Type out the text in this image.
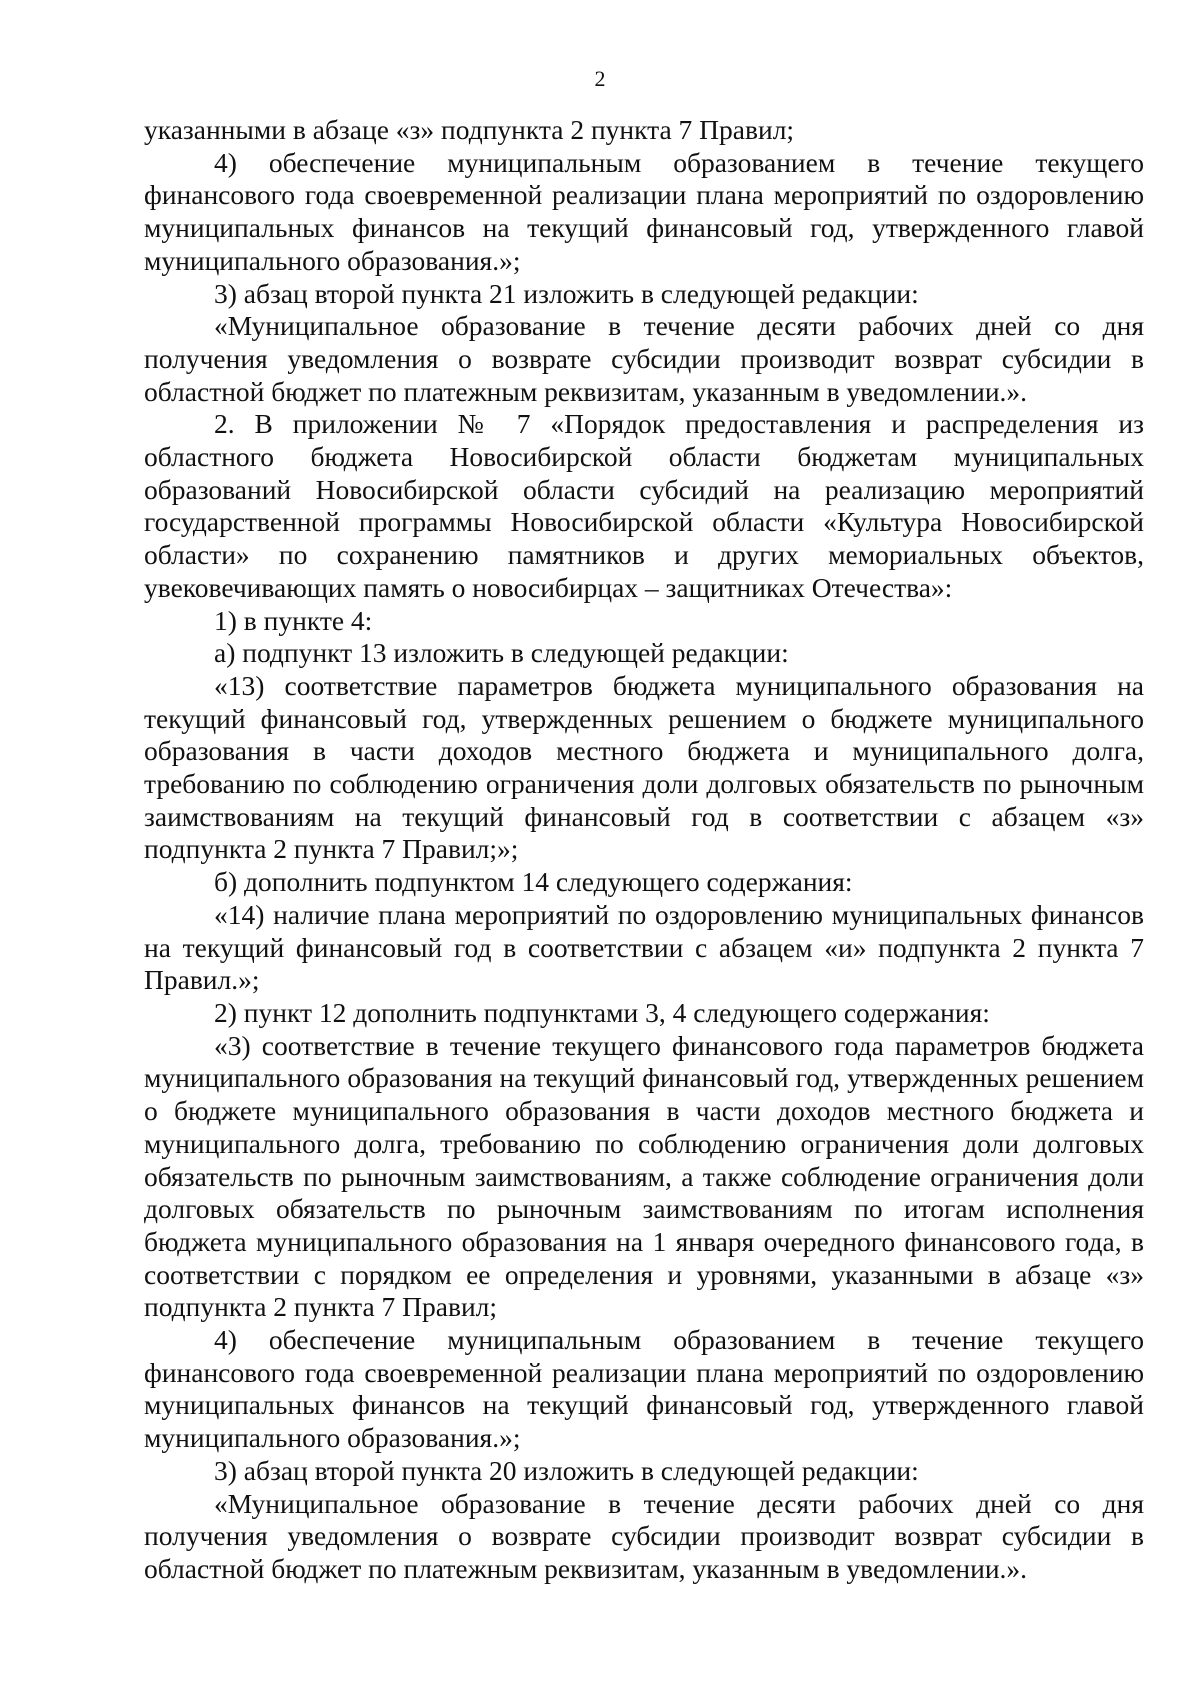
2

указанными в абзаце «з» подпункта 2 пункта 7 Правил;

4) обеспечение муниципальным образованием в течение текущего финансового года своевременной реализации плана мероприятий по оздоровлению муниципальных финансов на текущий финансовый год, утвержденного главой муниципального образования.»;

3) абзац второй пункта 21 изложить в следующей редакции:

«Муниципальное образование в течение десяти рабочих дней со дня получения уведомления о возврате субсидии производит возврат субсидии в областной бюджет по платежным реквизитам, указанным в уведомлении.».

2. В приложении № 7 «Порядок предоставления и распределения из областного бюджета Новосибирской области бюджетам муниципальных образований Новосибирской области субсидий на реализацию мероприятий государственной программы Новосибирской области «Культура Новосибирской области» по сохранению памятников и других мемориальных объектов, увековечивающих память о новосибирцах – защитниках Отечества»:

1) в пункте 4:

а) подпункт 13 изложить в следующей редакции:

«13) соответствие параметров бюджета муниципального образования на текущий финансовый год, утвержденных решением о бюджете муниципального образования в части доходов местного бюджета и муниципального долга, требованию по соблюдению ограничения доли долговых обязательств по рыночным заимствованиям на текущий финансовый год в соответствии с абзацем «з» подпункта 2 пункта 7 Правил;»;

б) дополнить подпунктом 14 следующего содержания:

«14) наличие плана мероприятий по оздоровлению муниципальных финансов на текущий финансовый год в соответствии с абзацем «и» подпункта 2 пункта 7 Правил.»;

2) пункт 12 дополнить подпунктами 3, 4 следующего содержания:

«3) соответствие в течение текущего финансового года параметров бюджета муниципального образования на текущий финансовый год, утвержденных решением о бюджете муниципального образования в части доходов местного бюджета и муниципального долга, требованию по соблюдению ограничения доли долговых обязательств по рыночным заимствованиям, а также соблюдение ограничения доли долговых обязательств по рыночным заимствованиям по итогам исполнения бюджета муниципального образования на 1 января очередного финансового года, в соответствии с порядком ее определения и уровнями, указанными в абзаце «з» подпункта 2 пункта 7 Правил;

4) обеспечение муниципальным образованием в течение текущего финансового года своевременной реализации плана мероприятий по оздоровлению муниципальных финансов на текущий финансовый год, утвержденного главой муниципального образования.»;

3) абзац второй пункта 20 изложить в следующей редакции:

«Муниципальное образование в течение десяти рабочих дней со дня получения уведомления о возврате субсидии производит возврат субсидии в областной бюджет по платежным реквизитам, указанным в уведомлении.».
